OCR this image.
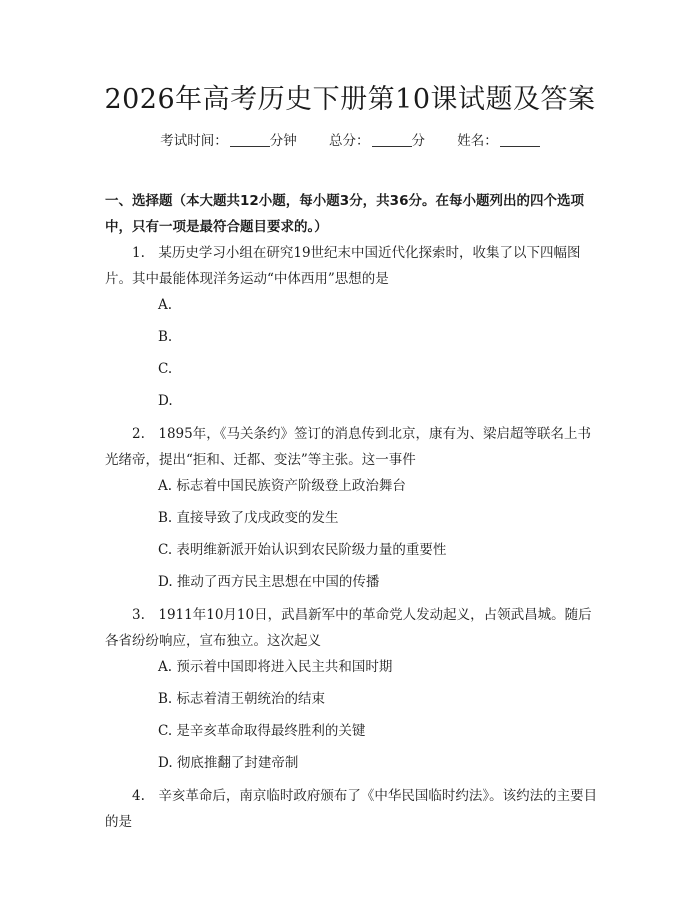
2026年高考历史下册第10课试题及答案
考试时间：	分钟 总分：	分 姓名：
一、选择题（本大题共12小题，每小题3分，共36分。在每小题列出的四个选项中，只有一项是最符合题目要求的。）
1.　某历史学习小组在研究19世纪末中国近代化探索时，收集了以下四幅图片。其中最能体现洋务运动“中体西用”思想的是
A.
B.
C.
D.
2.　1895年，《马关条约》签订的消息传到北京，康有为、梁启超等联名上书光绪帝，提出“拒和、迁都、变法”等主张。这一事件
A. 标志着中国民族资产阶级登上政治舞台
B. 直接导致了戊戌政变的发生
C. 表明维新派开始认识到农民阶级力量的重要性
D. 推动了西方民主思想在中国的传播
3.　1911年10月10日，武昌新军中的革命党人发动起义，占领武昌城。随后各省纷纷响应，宣布独立。这次起义
A. 预示着中国即将进入民主共和国时期
B. 标志着清王朝统治的结束
C. 是辛亥革命取得最终胜利的关键
D. 彻底推翻了封建帝制
4.　辛亥革命后，南京临时政府颁布了《中华民国临时约法》。该约法的主要目的是
